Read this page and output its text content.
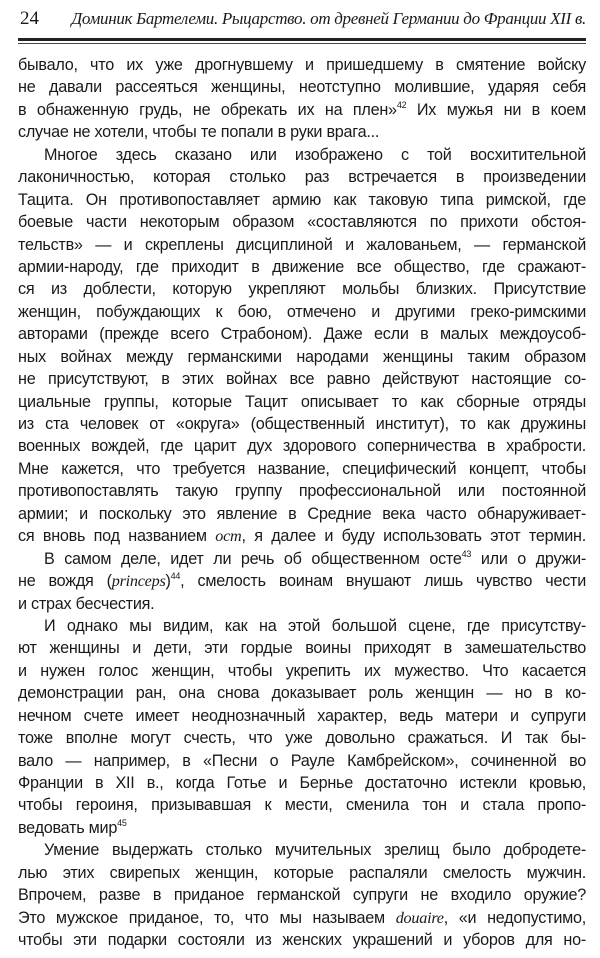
24 Доминик Бартелеми. Рыцарство. от древней Германии до Франции XII в.
бывало, что их уже дрогнувшему и пришедшему в смятение войску
не давали рассеяться женщины, неотступно молившие, ударяя себя
в обнаженную грудь, не обрекать их на плен»$^{42}$ Их мужья ни в коем
случае не хотели, чтобы те попали в руки врага...
Многое здесь сказано или изображено с той восхитительной
лаконичностью, которая столько раз встречается в произведении
Тацита. Он противопоставляет армию как таковую типа римской, где
боевые части некоторым образом «составляются по прихоти обстоя-
тельств» — и скреплены дисциплиной и жалованьем, — германской
армии-народу, где приходит в движение все общество, где сражают-
ся из доблести, которую укрепляют мольбы близких. Присутствие
женщин, побуждающих к бою, отмечено и другими греко-римскими
авторами (прежде всего Страбоном). Даже если в малых междоусоб-
ных войнах между германскими народами женщины таким образом
не присутствуют, в этих войнах все равно действуют настоящие со-
циальные группы, которые Тацит описывает то как сборные отряды
из ста человек от «округа» (общественный институт), то как дружины
военных вождей, где царит дух здорового соперничества в храбрости.
Мне кажется, что требуется название, специфический концепт, чтобы
противопоставлять такую группу профессиональной или постоянной
армии; и поскольку это явление в Средние века часто обнаруживает-
ся вновь под названием ост, я далее и буду использовать этот термин.
В самом деле, идет ли речь об общественном осте$^{43}$ или о дружи-
не вождя (princeps)$^{44}$, смелость воинам внушают лишь чувство чести
и страх бесчестия.
И однако мы видим, как на этой большой сцене, где присутству-
ют женщины и дети, эти гордые воины приходят в замешательство
и нужен голос женщин, чтобы укрепить их мужество. Что касается
демонстрации ран, она снова доказывает роль женщин — но в ко-
нечном счете имеет неоднозначный характер, ведь матери и супруги
тоже вполне могут счесть, что уже довольно сражаться. И так бы-
вало — например, в «Песни о Рауле Камбрейском», сочиненной во
Франции в XII в., когда Готье и Бернье достаточно истекли кровью,
чтобы героиня, призывавшая к мести, сменила тон и стала пропо-
ведовать мир$^{45}$
Умение выдержать столько мучительных зрелищ было добродете-
лью этих свирепых женщин, которые распаляли смелость мужчин.
Впрочем, разве в приданое германской супруги не входило оружие?
Это мужское приданое, то, что мы называем douaire, «и недопустимо,
чтобы эти подарки состояли из женских украшений и уборов для но-
